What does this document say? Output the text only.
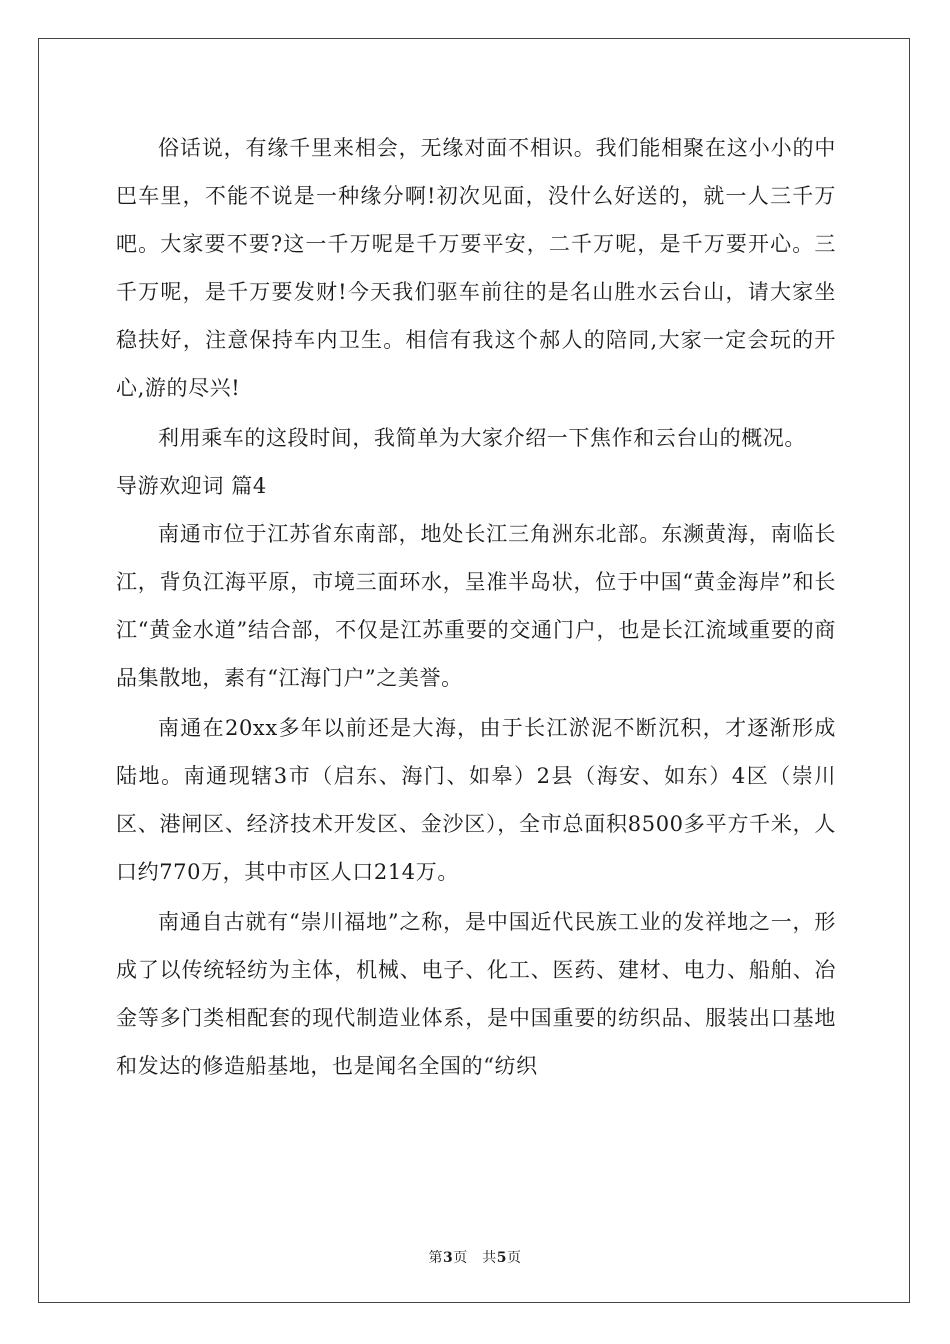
俗话说，有缘千里来相会，无缘对面不相识。我们能相聚在这小小的中巴车里，不能不说是一种缘分啊!初次见面，没什么好送的，就一人三千万吧。大家要不要?这一千万呢是千万要平安，二千万呢，是千万要开心。三千万呢，是千万要发财!今天我们驱车前往的是名山胜水云台山，请大家坐稳扶好，注意保持车内卫生。相信有我这个郝人的陪同,大家一定会玩的开心,游的尽兴!

利用乘车的这段时间，我简单为大家介绍一下焦作和云台山的概况。

导游欢迎词 篇4

南通市位于江苏省东南部，地处长江三角洲东北部。东濒黄海，南临长江，背负江海平原，市境三面环水，呈准半岛状，位于中国“黄金海岸”和长江“黄金水道”结合部，不仅是江苏重要的交通门户，也是长江流域重要的商品集散地，素有“江海门户”之美誉。

南通在20xx多年以前还是大海，由于长江淤泥不断沉积，才逐渐形成陆地。南通现辖3市（启东、海门、如皋）2县（海安、如东）4区（崇川区、港闸区、经济技术开发区、金沙区），全市总面积8500多平方千米，人口约770万，其中市区人口214万。

南通自古就有“崇川福地”之称，是中国近代民族工业的发祥地之一，形成了以传统轻纺为主体，机械、电子、化工、医药、建材、电力、船舶、冶金等多门类相配套的现代制造业体系，是中国重要的纺织品、服装出口基地和发达的修造船基地，也是闻名全国的“纺织

第3页　共5页
